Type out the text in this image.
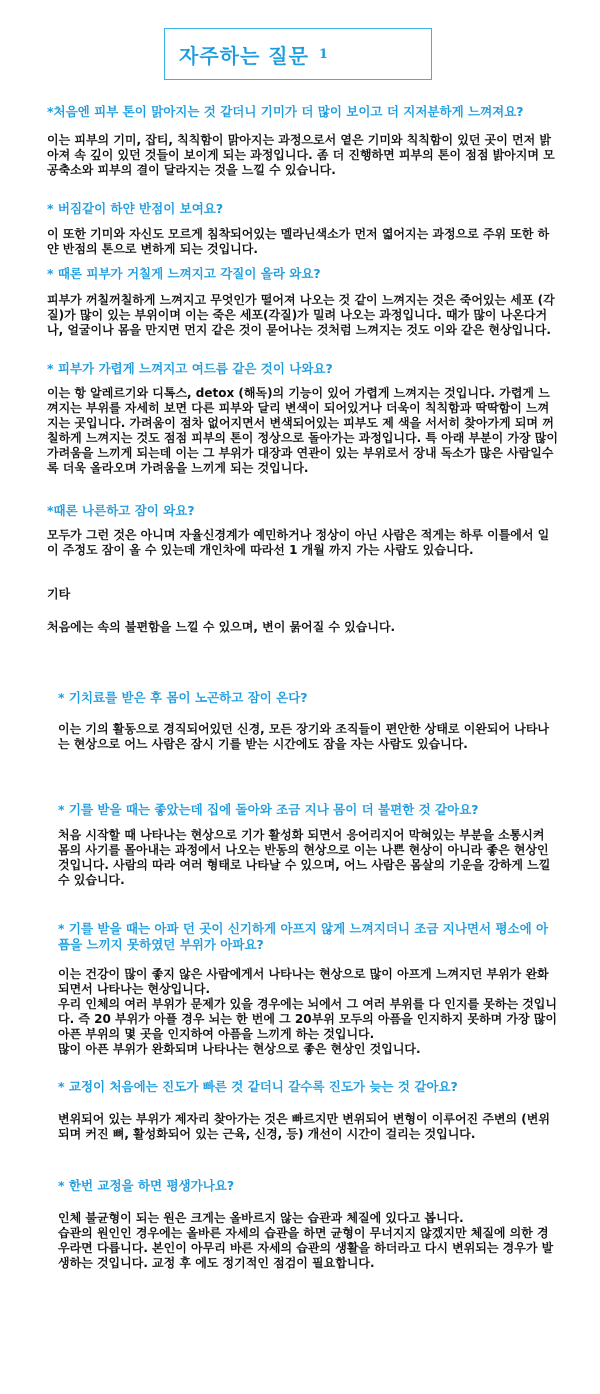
자주하는 질문 1

*처음엔 피부 톤이 맑아지는 것 같더니 기미가 더 많이 보이고 더 지저분하게 느껴져요?

이는 피부의 기미, 잡티, 칙칙함이 맑아지는 과정으로서 옅은 기미와 칙칙함이 있던 곳이 먼저 밝아져 속 깊이 있던 것들이 보이게 되는 과정입니다. 좀 더 진행하면 피부의 톤이 점점 밝아지며 모공축소와 피부의 결이 달라지는 것을 느낄 수 있습니다.

* 버짐같이 하얀 반점이 보여요?

이 또한 기미와 자신도 모르게 침착되어있는 멜라닌색소가 먼저 엷어지는 과정으로 주위 또한 하얀 반점의 톤으로 변하게 되는 것입니다.

* 때론 피부가 거칠게 느껴지고 각질이 올라 와요?

피부가 꺼칠꺼칠하게 느껴지고 무엇인가 떨어져 나오는 것 같이 느껴지는 것은 죽어있는 세포 (각질)가 많이 있는 부위이며 이는 죽은 세포(각질)가 밀려 나오는 과정입니다. 때가 많이 나온다거나, 얼굴이나 몸을 만지면 먼지 같은 것이 묻어나는 것처럼 느껴지는 것도 이와 같은 현상입니다.

* 피부가 가렵게 느껴지고 여드름 같은 것이 나와요?

이는 항 알레르기와 디톡스, detox (해독)의 기능이 있어 가렵게 느껴지는 것입니다. 가렵게 느껴지는 부위를 자세히 보면 다른 피부와 달리 변색이 되어있거나 더욱이 칙칙함과 딱딱함이 느껴지는 곳입니다. 가려움이 점차 없어지면서 변색되어있는 피부도 제 색을 서서히 찾아가게 되며 꺼칠하게 느껴지는 것도 점점 피부의 톤이 정상으로 돌아가는 과정입니다. 특 아래 부분이 가장 많이 가려움을 느끼게 되는데 이는 그 부위가 대장과 연관이 있는 부위로서 장내 독소가 많은 사람일수록 더욱 올라오며 가려움을 느끼게 되는 것입니다.

*때론 나른하고 잠이 와요?

모두가 그런 것은 아니며 자율신경계가 예민하거나 정상이 아닌 사람은 적게는 하루 이틀에서 일 이 주정도 잠이 올 수 있는데 개인차에 따라선 1 개월 까지 가는 사람도 있습니다.

기타

처음에는 속의 불편함을 느낄 수 있으며, 변이 묽어질 수 있습니다.

* 기치료를 받은 후 몸이 노곤하고 잠이 온다?

이는 기의 활동으로 경직되어있던 신경, 모든 장기와 조직들이 편안한 상태로 이완되어 나타나는 현상으로 어느 사람은 잠시 기를 받는 시간에도 잠을 자는 사람도 있습니다.

* 기를 받을 때는 좋았는데 집에 돌아와 조금 지나 몸이 더 불편한 것 같아요?

처음 시작할 때 나타나는 현상으로 기가 활성화 되면서 응어리지어 막혀있는 부분을 소통시켜 몸의 사기를 몰아내는 과정에서 나오는 반동의 현상으로 이는 나쁜 현상이 아니라 좋은 현상인 것입니다. 사람의 따라 여러 형태로 나타날 수 있으며, 어느 사람은 몸살의 기운을 강하게 느낄 수 있습니다.

* 기를 받을 때는 아파 던 곳이 신기하게 아프지 않게 느껴지더니 조금 지나면서 평소에 아픔을 느끼지 못하였던 부위가 아파요?

이는 건강이 많이 좋지 않은 사람에게서 나타나는 현상으로 많이 아프게 느껴지던 부위가 완화되면서 나타나는 현상입니다.
우리 인체의 여러 부위가 문제가 있을 경우에는 뇌에서 그 여러 부위를 다 인지를 못하는 것입니다. 즉 20 부위가 아플 경우 뇌는 한 번에 그 20부위 모두의 아픔을 인지하지 못하며 가장 많이 아픈 부위의 몇 곳을 인지하여 아픔을 느끼게 하는 것입니다.
많이 아픈 부위가 완화되며 나타나는 현상으로 좋은 현상인 것입니다.

* 교정이 처음에는 진도가 빠른 것 같더니 갈수록 진도가 늦는 것 같아요?

변위되어 있는 부위가 제자리 찾아가는 것은 빠르지만 변위되어 변형이 이루어진 주변의 (변위되며 커진 뼈, 활성화되어 있는 근육, 신경, 등) 개선이 시간이 걸리는 것입니다.

* 한번 교정을 하면 평생가나요?

인체 불균형이 되는 원은 크게는 올바르지 않는 습관과 체질에 있다고 봅니다.
습관의 원인인 경우에는 올바른 자세의 습관을 하면 균형이 무너지지 않겠지만 체질에 의한 경우라면 다릅니다. 본인이 아무리 바른 자세의 습관의 생활을 하더라고 다시 변위되는 경우가 발생하는 것입니다. 교정 후 에도 정기적인 점검이 필요합니다.
